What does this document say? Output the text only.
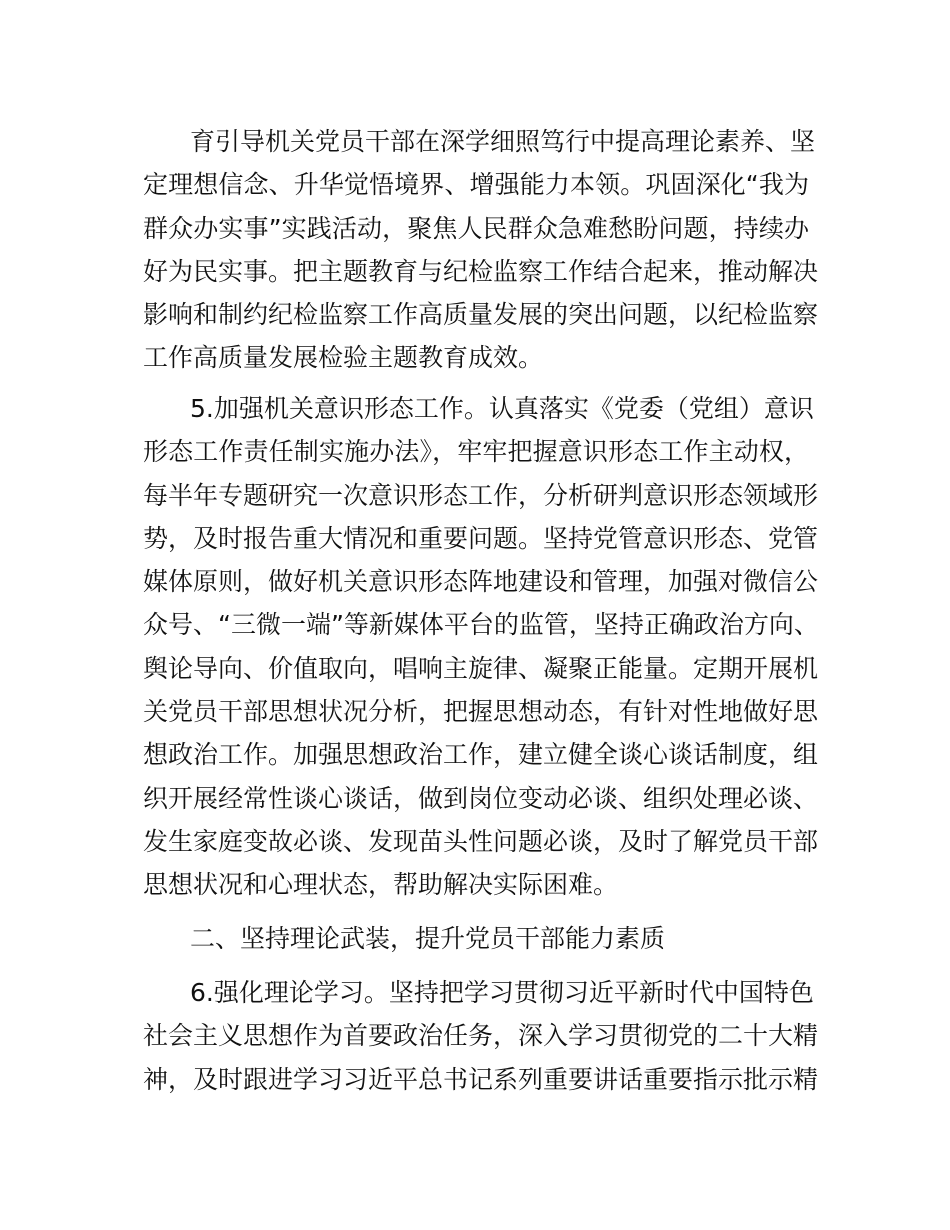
育引导机关党员干部在深学细照笃行中提高理论素养、坚
定理想信念、升华觉悟境界、增强能力本领。巩固深化“我为
群众办实事”实践活动，聚焦人民群众急难愁盼问题，持续办
好为民实事。把主题教育与纪检监察工作结合起来，推动解决
影响和制约纪检监察工作高质量发展的突出问题，以纪检监察
工作高质量发展检验主题教育成效。
5.加强机关意识形态工作。认真落实《党委（党组）意识
形态工作责任制实施办法》，牢牢把握意识形态工作主动权，
每半年专题研究一次意识形态工作，分析研判意识形态领域形
势，及时报告重大情况和重要问题。坚持党管意识形态、党管
媒体原则，做好机关意识形态阵地建设和管理，加强对微信公
众号、“三微一端”等新媒体平台的监管，坚持正确政治方向、
舆论导向、价值取向，唱响主旋律、凝聚正能量。定期开展机
关党员干部思想状况分析，把握思想动态，有针对性地做好思
想政治工作。加强思想政治工作，建立健全谈心谈话制度，组
织开展经常性谈心谈话，做到岗位变动必谈、组织处理必谈、
发生家庭变故必谈、发现苗头性问题必谈，及时了解党员干部
思想状况和心理状态，帮助解决实际困难。
二、坚持理论武装，提升党员干部能力素质
6.强化理论学习。坚持把学习贯彻习近平新时代中国特色
社会主义思想作为首要政治任务，深入学习贯彻党的二十大精
神，及时跟进学习习近平总书记系列重要讲话重要指示批示精
